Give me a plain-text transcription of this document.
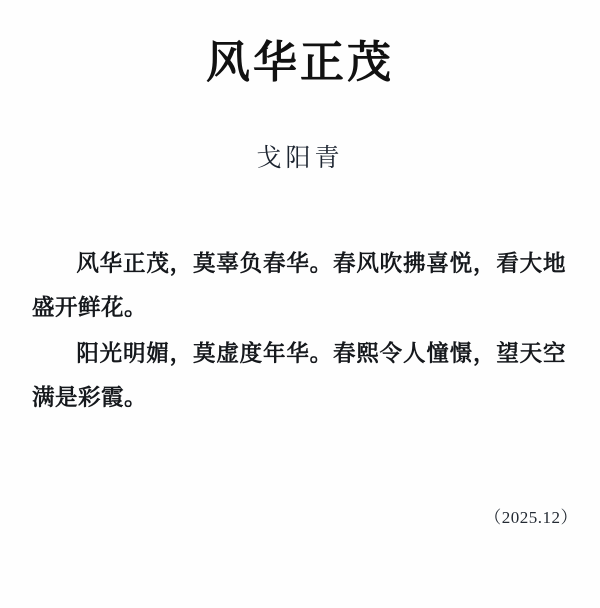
风华正茂
戈阳青

风华正茂，莫辜负春华。春风吹拂喜悦，看大地盛开鲜花。

阳光明媚，莫虚度年华。春熙令人憧憬，望天空满是彩霞。

（2025.12）
